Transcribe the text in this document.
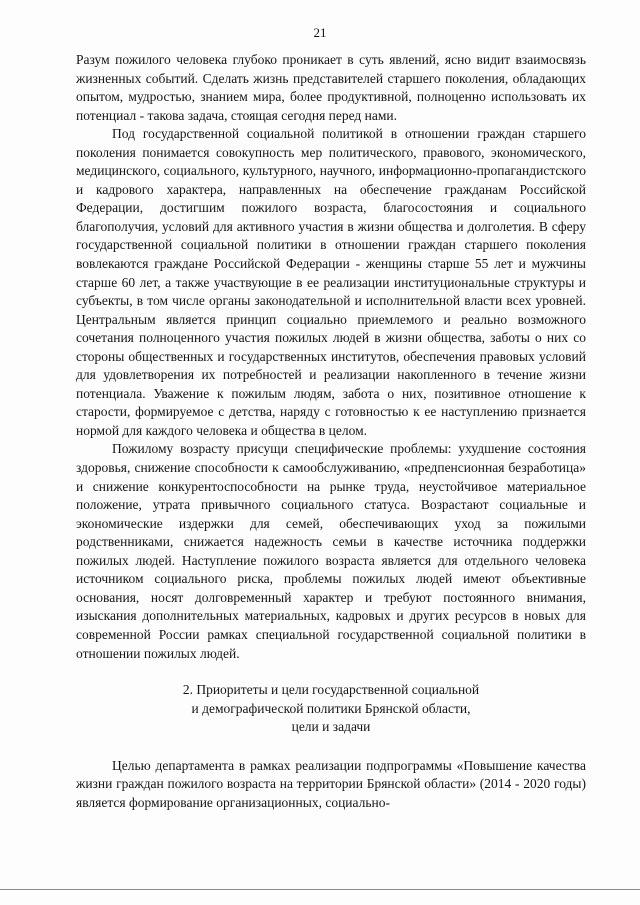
21

Разум пожилого человека глубоко проникает в суть явлений, ясно видит взаимосвязь жизненных событий. Сделать жизнь представителей старшего поколения, обладающих опытом, мудростью, знанием мира, более продуктивной, полноценно использовать их потенциал - такова задача, стоящая сегодня перед нами.

Под государственной социальной политикой в отношении граждан старшего поколения понимается совокупность мер политического, правового, экономического, медицинского, социального, культурного, научного, информационно-пропагандистского и кадрового характера, направленных на обеспечение гражданам Российской Федерации, достигшим пожилого возраста, благосостояния и социального благополучия, условий для активного участия в жизни общества и долголетия. В сферу государственной социальной политики в отношении граждан старшего поколения вовлекаются граждане Российской Федерации - женщины старше 55 лет и мужчины старше 60 лет, а также участвующие в ее реализации институциональные структуры и субъекты, в том числе органы законодательной и исполнительной власти всех уровней. Центральным является принцип социально приемлемого и реально возможного сочетания полноценного участия пожилых людей в жизни общества, заботы о них со стороны общественных и государственных институтов, обеспечения правовых условий для удовлетворения их потребностей и реализации накопленного в течение жизни потенциала. Уважение к пожилым людям, забота о них, позитивное отношение к старости, формируемое с детства, наряду с готовностью к ее наступлению признается нормой для каждого человека и общества в целом.

Пожилому возрасту присущи специфические проблемы: ухудшение состояния здоровья, снижение способности к самообслуживанию, «предпенсионная безработица» и снижение конкурентоспособности на рынке труда, неустойчивое материальное положение, утрата привычного социального статуса. Возрастают социальные и экономические издержки для семей, обеспечивающих уход за пожилыми родственниками, снижается надежность семьи в качестве источника поддержки пожилых людей. Наступление пожилого возраста является для отдельного человека источником социального риска, проблемы пожилых людей имеют объективные основания, носят долговременный характер и требуют постоянного внимания, изыскания дополнительных материальных, кадровых и других ресурсов в новых для современной России рамках специальной государственной социальной политики в отношении пожилых людей.

2. Приоритеты и цели государственной социальной

и демографической политики Брянской области,

цели и задачи

Целью департамента в рамках реализации подпрограммы «Повышение качества жизни граждан пожилого возраста на территории Брянской области» (2014 - 2020 годы) является формирование организационных, социально-
